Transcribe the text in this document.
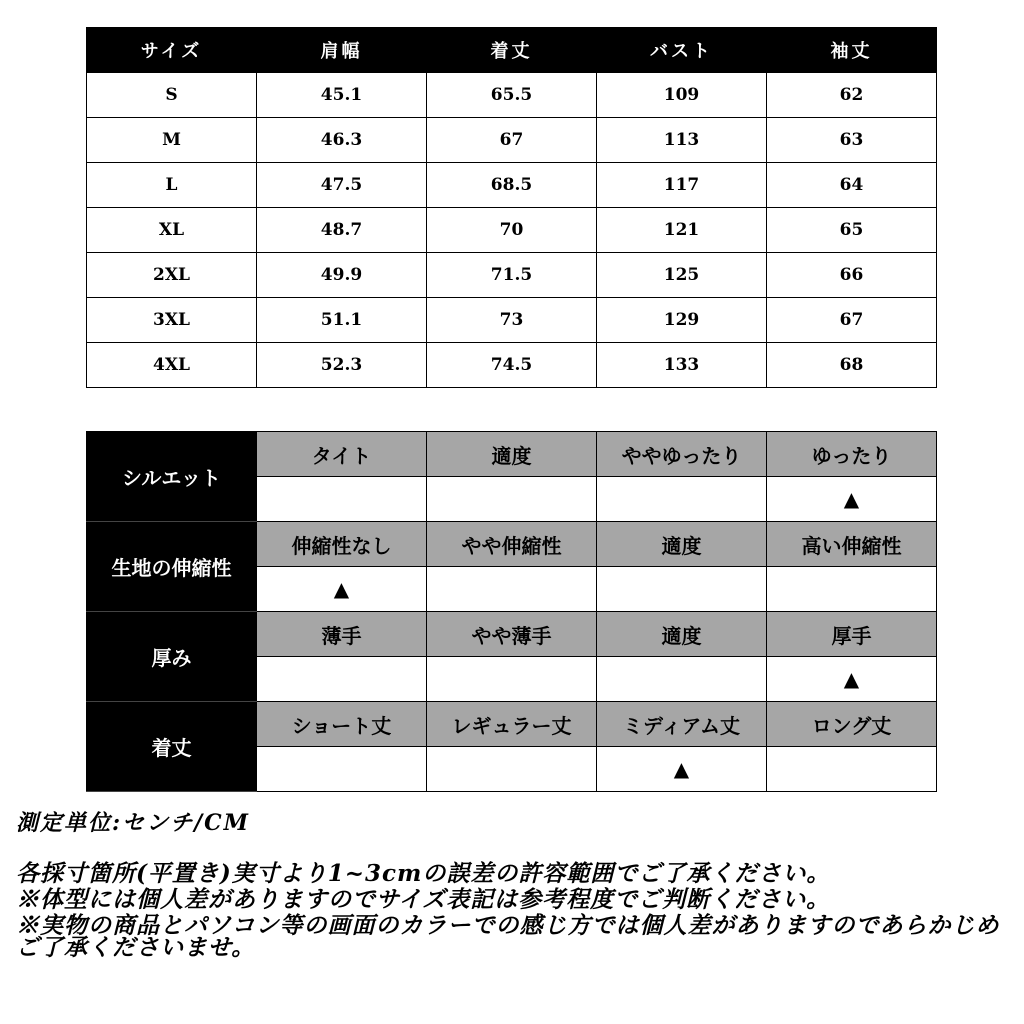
サイズ	肩幅	着丈	バスト	袖丈
S	45.1	65.5	109	62
M	46.3	67	113	63
L	47.5	68.5	117	64
XL	48.7	70	121	65
2XL	49.9	71.5	125	66
3XL	51.1	73	129	67
4XL	52.3	74.5	133	68
シルエット	タイト	適度	ややゆったり	ゆったり
				▲
生地の伸縮性	伸縮性なし	やや伸縮性	適度	高い伸縮性
	▲			
厚み	薄手	やや薄手	適度	厚手
				▲
着丈	ショート丈	レギュラー丈	ミディアム丈	ロング丈
			▲	
測定単位:センチ/CM

各採寸箇所(平置き)実寸より1~3cmの誤差の許容範囲でご了承ください。

※体型には個人差がありますのでサイズ表記は参考程度でご判断ください。

※実物の商品とパソコン等の画面のカラーでの感じ方では個人差がありますのであらかじめご了承くださいませ。
